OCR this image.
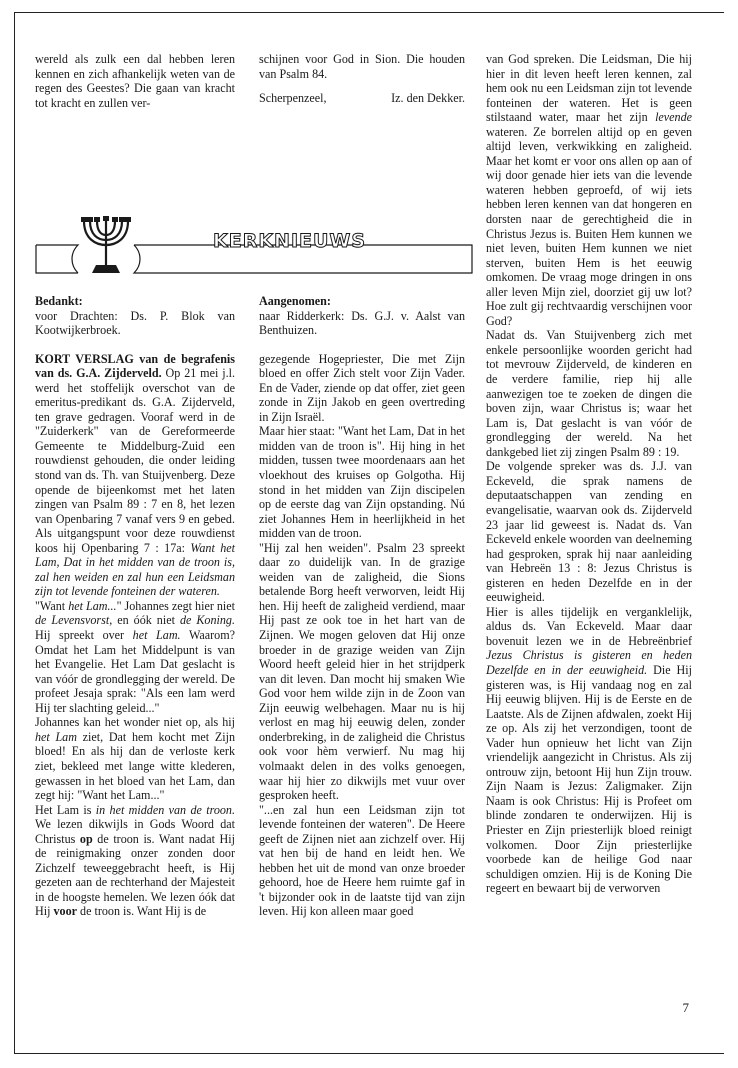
wereld als zulk een dal hebben leren kennen en zich afhankelijk weten van de regen des Geestes? Die gaan van kracht tot kracht en zullen ver-

schijnen voor God in Sion. Die houden van Psalm 84.

Scherpenzeel,	Iz. den Dekker.
KERKNIEUWS

Bedankt:

voor Drachten: Ds. P. Blok van Kootwijkerbroek.

KORT VERSLAG van de begrafenis van ds. G.A. Zijderveld. Op 21 mei j.l. werd het stoffelijk overschot van de emeritus-predikant ds. G.A. Zijderveld, ten grave gedragen. Vooraf werd in de "Zuiderkerk" van de Gereformeerde Gemeente te Middelburg-Zuid een rouwdienst gehouden, die onder leiding stond van ds. Th. van Stuijvenberg. Deze opende de bijeenkomst met het laten zingen van Psalm 89 : 7 en 8, het lezen van Openbaring 7 vanaf vers 9 en gebed. Als uitgangspunt voor deze rouwdienst koos hij Openbaring 7 : 17a: Want het Lam, Dat in het midden van de troon is, zal hen weiden en zal hun een Leidsman zijn tot levende fonteinen der wateren.

"Want het Lam..." Johannes zegt hier niet de Levensvorst, en óók niet de Koning. Hij spreekt over het Lam. Waarom? Omdat het Lam het Middelpunt is van het Evangelie. Het Lam Dat geslacht is van vóór de grondlegging der wereld. De profeet Jesaja sprak: "Als een lam werd Hij ter slachting geleid..."

Johannes kan het wonder niet op, als hij het Lam ziet, Dat hem kocht met Zijn bloed! En als hij dan de verloste kerk ziet, bekleed met lange witte klederen, gewassen in het bloed van het Lam, dan zegt hij: "Want het Lam..."

Het Lam is in het midden van de troon. We lezen dikwijls in Gods Woord dat Christus op de troon is. Want nadat Hij de reinigmaking onzer zonden door Zichzelf teweeggebracht heeft, is Hij gezeten aan de rechterhand der Majesteit in de hoogste hemelen. We lezen óók dat Hij voor de troon is. Want Hij is de

Aangenomen:

naar Ridderkerk: Ds. G.J. v. Aalst van Benthuizen.

gezegende Hogepriester, Die met Zijn bloed en offer Zich stelt voor Zijn Vader. En de Vader, ziende op dat offer, ziet geen zonde in Zijn Jakob en geen overtreding in Zijn Israël.

Maar hier staat: "Want het Lam, Dat in het midden van de troon is". Hij hing in het midden, tussen twee moordenaars aan het vloekhout des kruises op Golgotha. Hij stond in het midden van Zijn discipelen op de eerste dag van Zijn opstanding. Nú ziet Johannes Hem in heerlijkheid in het midden van de troon.

"Hij zal hen weiden". Psalm 23 spreekt daar zo duidelijk van. In de grazige weiden van de zaligheid, die Sions betalende Borg heeft verworven, leidt Hij hen. Hij heeft de zaligheid verdiend, maar Hij past ze ook toe in het hart van de Zijnen. We mogen geloven dat Hij onze broeder in de grazige weiden van Zijn Woord heeft geleid hier in het strijdperk van dit leven. Dan mocht hij smaken Wie God voor hem wilde zijn in de Zoon van Zijn eeuwig welbehagen. Maar nu is hij verlost en mag hij eeuwig delen, zonder onderbreking, in de zaligheid die Christus ook voor hèm verwierf. Nu mag hij volmaakt delen in des volks genoegen, waar hij hier zo dikwijls met vuur over gesproken heeft.

"...en zal hun een Leidsman zijn tot levende fonteinen der wateren". De Heere geeft de Zijnen niet aan zichzelf over. Hij vat hen bij de hand en leidt hen. We hebben het uit de mond van onze broeder gehoord, hoe de Heere hem ruimte gaf in 't bijzonder ook in de laatste tijd van zijn leven. Hij kon alleen maar goed

van God spreken. Die Leidsman, Die hij hier in dit leven heeft leren kennen, zal hem ook nu een Leidsman zijn tot levende fonteinen der wateren. Het is geen stilstaand water, maar het zijn levende wateren. Ze borrelen altijd op en geven altijd leven, verkwikking en zaligheid. Maar het komt er voor ons allen op aan of wij door genade hier iets van die levende wateren hebben geproefd, of wij iets hebben leren kennen van dat hongeren en dorsten naar de gerechtigheid die in Christus Jezus is. Buiten Hem kunnen we niet leven, buiten Hem kunnen we niet sterven, buiten Hem is het eeuwig omkomen. De vraag moge dringen in ons aller leven Mijn ziel, doorziet gij uw lot? Hoe zult gij rechtvaardig verschijnen voor God?

Nadat ds. Van Stuijvenberg zich met enkele persoonlijke woorden gericht had tot mevrouw Zijderveld, de kinderen en de verdere familie, riep hij alle aanwezigen toe te zoeken de dingen die boven zijn, waar Christus is; waar het Lam is, Dat geslacht is van vóór de grondlegging der wereld. Na het dankgebed liet zij zingen Psalm 89 : 19.

De volgende spreker was ds. J.J. van Eckeveld, die sprak namens de deputaatschappen van zending en evangelisatie, waarvan ook ds. Zijderveld 23 jaar lid geweest is. Nadat ds. Van Eckeveld enkele woorden van deelneming had gesproken, sprak hij naar aanleiding van Hebreën 13 : 8: Jezus Christus is gisteren en heden Dezelfde en in der eeuwigheid.

Hier is alles tijdelijk en verganklelijk, aldus ds. Van Eckeveld. Maar daar bovenuit lezen we in de Hebreënbrief Jezus Christus is gisteren en heden Dezelfde en in der eeuwigheid. Die Hij gisteren was, is Hij vandaag nog en zal Hij eeuwig blijven. Hij is de Eerste en de Laatste. Als de Zijnen afdwalen, zoekt Hij ze op. Als zij het verzondigen, toont de Vader hun opnieuw het licht van Zijn vriendelijk aangezicht in Christus. Als zij ontrouw zijn, betoont Hij hun Zijn trouw. Zijn Naam is Jezus: Zaligmaker. Zijn Naam is ook Christus: Hij is Profeet om blinde zondaren te onderwijzen. Hij is Priester en Zijn priesterlijk bloed reinigt volkomen. Door Zijn priesterlijke voorbede kan de heilige God naar schuldigen omzien. Hij is de Koning Die regeert en bewaart bij de verworven

7
